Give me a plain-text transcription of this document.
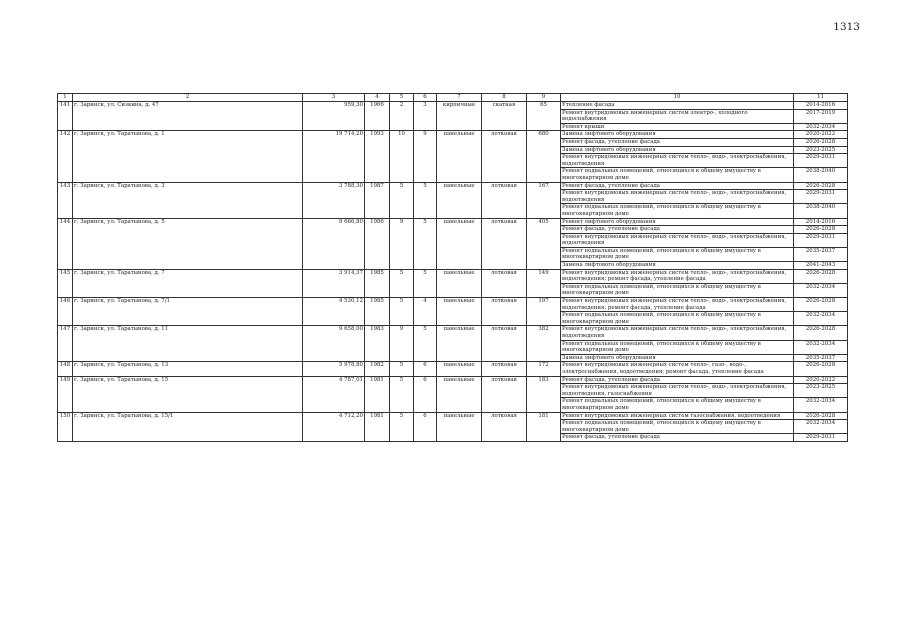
1313
1	2	3	4	5	6	7	8	9	10	11
141	г. Заринск, ул. Сизкина, д. 47	959,30	1966	2	3	кирпичные	скатная	65	Утепление фасада	2014-2016
									Ремонт внутридомовых инженерных систем электро-, холодного водоснабжения	2017-2019
									Ремонт крыши	2032-2034
142	г. Заринск, ул. Таратынова, д. 1	19 714,20	1993	10	9	панельные	лотковая	680	Замена лифтового оборудования	2020-2022
									Ремонт фасада, утепление фасада	2026-2028
									Замена лифтового оборудования	2023-2025
									Ремонт внутридомовых инженерных систем тепло-, водо-, электроснабжения, водоотведения	2029-2031
									Ремонт подвальных помещений, относящихся к общему имуществу в многоквартирном доме	2038-2040
143	г. Заринск, ул. Таратынова, д. 3	3 788,30	1987	5	5	панельные	лотковая	167	Ремонт фасада, утепление фасада	2026-2028
									Ремонт внутридомовых инженерных систем тепло-, водо-, электроснабжения, водоотведения	2029-2031
									Ремонт подвальных помещений, относящихся к общему имуществу в многоквартирном доме	2038-2040
144	г. Заринск, ул. Таратынова, д. 5	9 666,80	1986	9	5	панельные	лотковая	405	Ремонт лифтового оборудования	2014-2016
									Ремонт фасада, утепление фасада	2026-2028
									Ремонт внутридомовых инженерных систем тепло-, водо-, электроснабжения, водоотведения	2029-2031
									Ремонт подвальных помещений, относящихся к общему имуществу в многоквартирном доме	2035-2037
									Замена лифтового оборудования	2041-2043
145	г. Заринск, ул. Таратынова, д. 7	3 914,37	1985	5	5	панельные	лотковая	149	Ремонт внутридомовых инженерных систем тепло-, водо-, электроснабжения, водоотведения; ремонт фасада, утепление фасада	2026-2028
									Ремонт подвальных помещений, относящихся к общему имуществу в многоквартирном доме	2032-2034
146	г. Заринск, ул. Таратынова, д. 7/1	4 530,12	1985	5	4	панельные	лотковая	197	Ремонт внутридомовых инженерных систем тепло-, водо-, электроснабжения, водоотведения; ремонт фасада, утепление фасада	2026-2028
									Ремонт подвальных помещений, относящихся к общему имуществу в многоквартирном доме	2032-2034
147	г. Заринск, ул. Таратынова, д. 11	9 658,00	1983	9	5	панельные	лотковая	382	Ремонт внутридомовых инженерных систем тепло-, водо-, электроснабжения, водоотведения	2026-2028
									Ремонт подвальных помещений, относящихся к общему имуществу в многоквартирном доме	2032-2034
									Замена лифтового оборудования	2035-2037
148	г. Заринск, ул. Таратынова, д. 13	5 978,80	1982	5	6	панельные	лотковая	172	Ремонт внутридомовых инженерных систем тепло-, газо-, водо-, электроснабжения, водоотведения; ремонт фасада, утепление фасада	2026-2028
149	г. Заринск, ул. Таратынова, д. 15	4 787,01	1981	5	6	панельные	лотковая	183	Ремонт фасада, утепление фасада	2020-2022
									Ремонт внутридомовых инженерных систем тепло-, водо-, электроснабжения, водоотведения, газоснабжения	2023-2025
									Ремонт подвальных помещений, относящихся к общему имуществу в многоквартирном доме	2032-2034
150	г. Заринск, ул. Таратынова, д. 15/1	4 712,20	1981	5	6	панельные	лотковая	181	Ремонт внутридомовых инженерных систем газоснабжения, водоотведения	2026-2028
									Ремонт подвальных помещений, относящихся к общему имуществу в многоквартирном доме	2032-2034
									Ремонт фасада, утепление фасада	2029-2031
